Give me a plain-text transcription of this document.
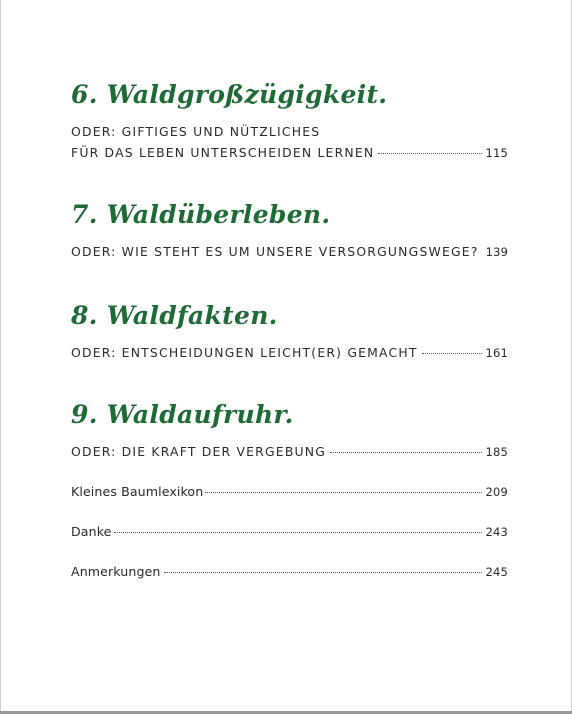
6. Waldgroßzügigkeit.
ODER: GIFTIGES UND NÜTZLICHES
FÜR DAS LEBEN UNTERSCHEIDEN LERNEN	115
7. Waldüberleben.
ODER: WIE STEHT ES UM UNSERE VERSORGUNGSWEGE? 139
8. Waldfakten.
ODER: ENTSCHEIDUNGEN LEICHT(ER) GEMACHT	161
9. Waldaufruhr.
ODER: DIE KRAFT DER VERGEBUNG	185
Kleines Baumlexikon	209
Danke	243
Anmerkungen	245
